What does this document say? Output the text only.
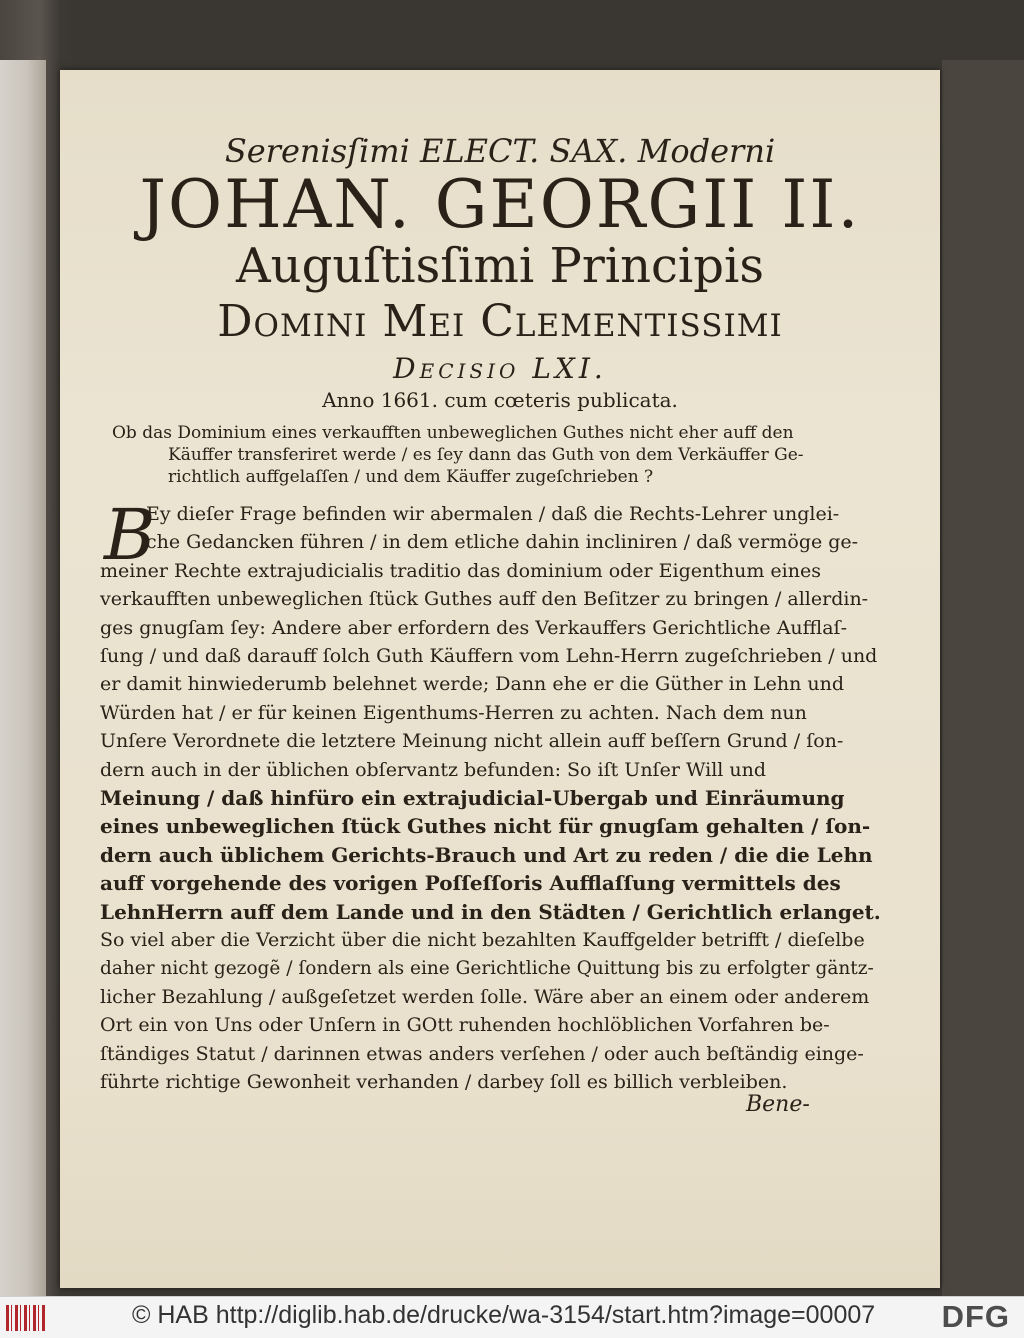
Serenisſimi ELECT. SAX. Moderni
JOHAN. GEORGII II.
Auguſtisſimi Principis
Domini Mei Clementissimi
Decisio LXI.
Anno 1661. cum cœteris publicata.

Ob das Dominium eines verkaufften unbeweglichen Guthes nicht eher auff den

Käuffer transferiret werde / es ſey dann das Guth von dem Verkäuffer Ge-

richtlich auffgelaſſen / und dem Käuffer zugeſchrieben ?

B

Ey dieſer Frage befinden wir abermalen / daß die Rechts-Lehrer unglei-

che Gedancken führen / in dem etliche dahin incliniren / daß vermöge ge-

meiner Rechte extrajudicialis traditio das dominium oder Eigenthum eines

verkaufften unbeweglichen ſtück Guthes auff den Beſitzer zu bringen / allerdin-

ges gnugſam ſey: Andere aber erfordern des Verkauffers Gerichtliche Aufflaſ-

ſung / und daß darauff ſolch Guth Käuffern vom Lehn-Herrn zugeſchrieben / und

er damit hinwiederumb belehnet werde; Dann ehe er die Güther in Lehn und

Würden hat / er für keinen Eigenthums-Herren zu achten. Nach dem nun

Unſere Verordnete die letztere Meinung nicht allein auff beſſern Grund / ſon-

dern auch in der üblichen obſervantz befunden: So iſt Unſer Will und

Meinung / daß hinfüro ein extrajudicial-Ubergab und Einräumung

eines unbeweglichen ſtück Guthes nicht für gnugſam gehalten / ſon-

dern auch üblichem Gerichts-Brauch und Art zu reden / die die Lehn

auff vorgehende des vorigen Poſſeſſoris Aufflaſſung vermittels des

LehnHerrn auff dem Lande und in den Städten / Gerichtlich erlanget.

So viel aber die Verzicht über die nicht bezahlten Kauffgelder betrifft / dieſelbe

daher nicht gezogẽ / ſondern als eine Gerichtliche Quittung bis zu erfolgter gäntz-

licher Bezahlung / außgeſetzet werden ſolle. Wäre aber an einem oder anderem

Ort ein von Uns oder Unſern in GOtt ruhenden hochlöblichen Vorfahren be-

ſtändiges Statut / darinnen etwas anders verſehen / oder auch beſtändig einge-

führte richtige Gewonheit verhanden / darbey ſoll es billich verbleiben.

Bene-
© HAB http://diglib.hab.de/drucke/wa-3154/start.htm?image=00007 DFG
